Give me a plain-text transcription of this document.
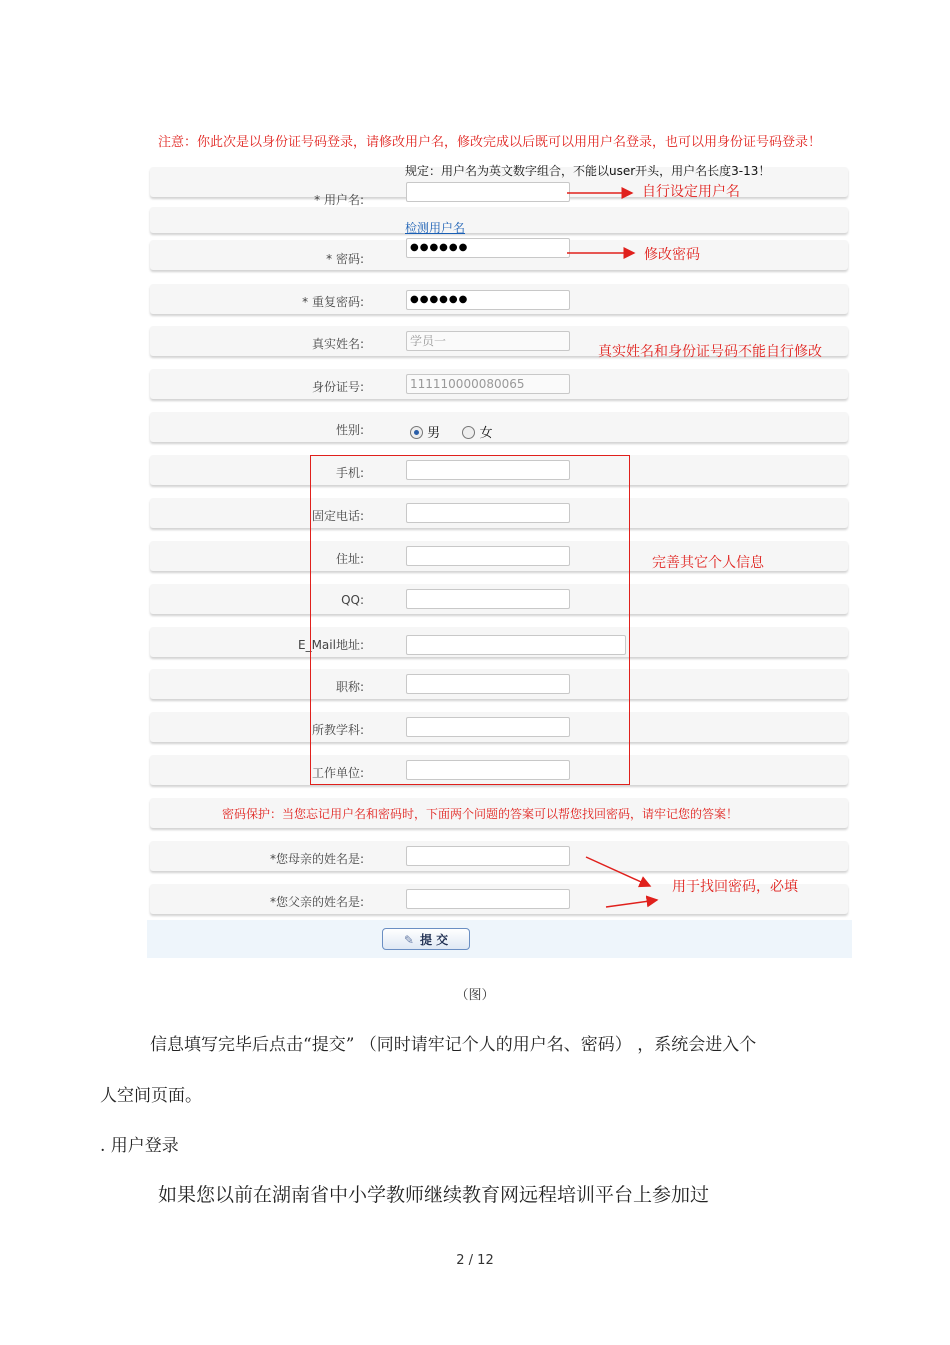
注意：你此次是以身份证号码登录，请修改用户名，修改完成以后既可以用用户名登录，也可以用身份证号码登录！
规定：用户名为英文数字组合，不能以user开头，用户名长度3-13！
* 用户名:
* 密码:
* 重复密码:
真实姓名:
身份证号:
性别:
手机:
固定电话:
住址:
QQ:
E_Mail地址:
职称:
所教学科:
工作单位:
*您母亲的姓名是:
*您父亲的姓名是:
检测用户名
●●●●●●
●●●●●●
学员一
111110000080065
男	女
密码保护：当您忘记用户名和密码时，下面两个问题的答案可以帮您找回密码，请牢记您的答案！
自行设定用户名
修改密码
真实姓名和身份证号码不能自行修改
完善其它个人信息
用于找回密码，必填
✎ 提 交
（图）
信息填写完毕后点击“提交” （同时请牢记个人的用户名、密码） ，系统会进入个
人空间页面。
. 用户登录
如果您以前在湖南省中小学教师继续教育网远程培训平台上参加过
2 / 12
